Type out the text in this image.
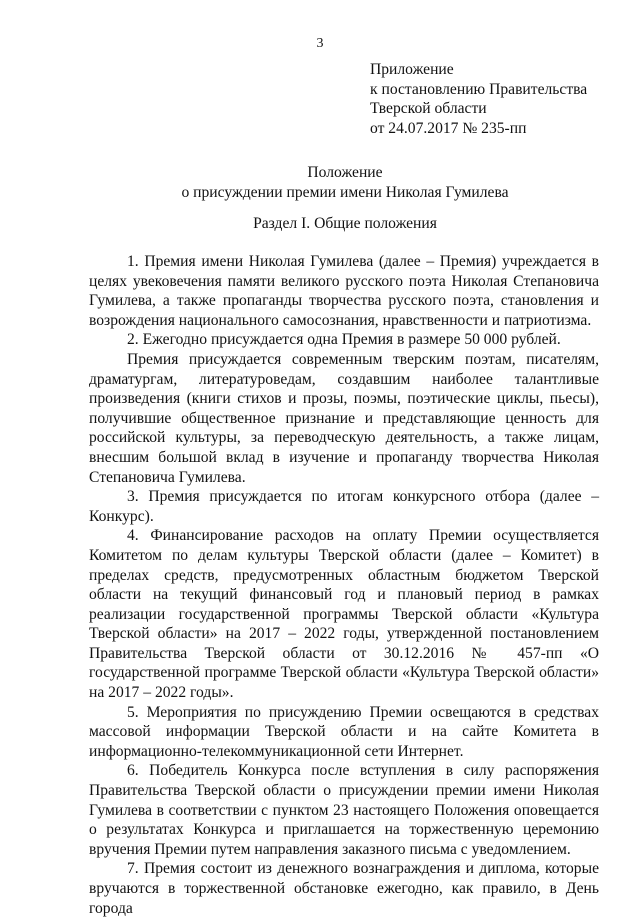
3
Приложение
к постановлению Правительства
Тверской области
от 24.07.2017 № 235-пп
Положение
о присуждении премии имени Николая Гумилева
Раздел I. Общие положения

1. Премия имени Николая Гумилева (далее – Премия) учреждается в целях увековечения памяти великого русского поэта Николая Степановича Гумилева, а также пропаганды творчества русского поэта, становления и возрождения национального самосознания, нравственности и патриотизма.

2. Ежегодно присуждается одна Премия в размере 50 000 рублей.

Премия присуждается современным тверским поэтам, писателям, драматургам, литературоведам, создавшим наиболее талантливые произведения (книги стихов и прозы, поэмы, поэтические циклы, пьесы), получившие общественное признание и представляющие ценность для российской культуры, за переводческую деятельность, а также лицам, внесшим большой вклад в изучение и пропаганду творчества Николая Степановича Гумилева.

3. Премия присуждается по итогам конкурсного отбора (далее – Конкурс).

4. Финансирование расходов на оплату Премии осуществляется Комитетом по делам культуры Тверской области (далее – Комитет) в пределах средств, предусмотренных областным бюджетом Тверской области на текущий финансовый год и плановый период в рамках реализации государственной программы Тверской области «Культура Тверской области» на 2017 – 2022 годы, утвержденной постановлением Правительства Тверской области от 30.12.2016 № 457-пп «О государственной программе Тверской области «Культура Тверской области» на 2017 – 2022 годы».

5. Мероприятия по присуждению Премии освещаются в средствах массовой информации Тверской области и на сайте Комитета в информационно-телекоммуникационной сети Интернет.

6. Победитель Конкурса после вступления в силу распоряжения Правительства Тверской области о присуждении премии имени Николая Гумилева в соответствии с пунктом 23 настоящего Положения оповещается о результатах Конкурса и приглашается на торжественную церемонию вручения Премии путем направления заказного письма с уведомлением.

7. Премия состоит из денежного вознаграждения и диплома, которые вручаются в торжественной обстановке ежегодно, как правило, в День города
